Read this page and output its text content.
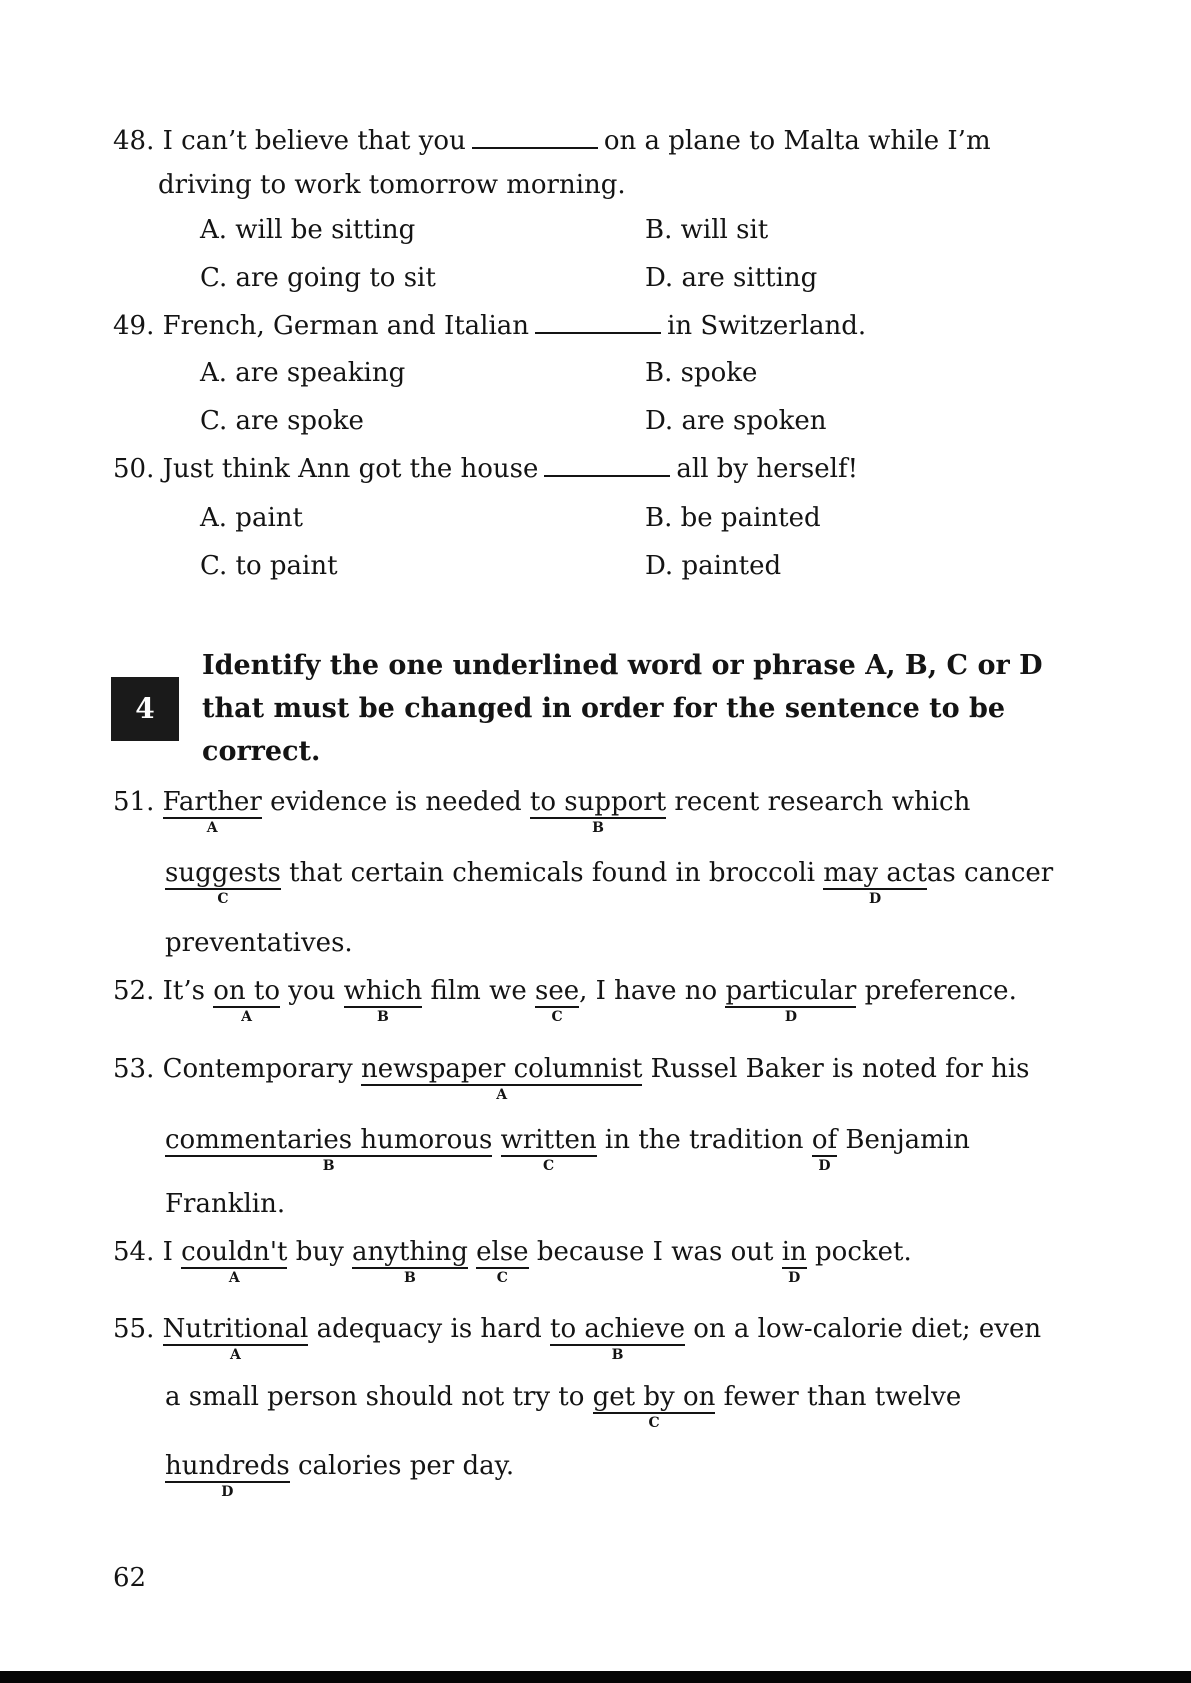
48. I can’t believe that you	on a plane to Malta while I’m
driving to work tomorrow morning.
A. will be sitting	B. will sit
C. are going to sit	D. are sitting
49. French, German and Italian	in Switzerland.
A. are speaking	B. spoke
C. are spoke	D. are spoken
50. Just think Ann got the house	all by herself!
A. paint	B. be painted
C. to paint	D. painted
4
Identify the one underlined word or phrase A, B, C or D
that must be changed in order for the sentence to be
correct.
51. Farther
A
evidence is needed to support
B
recent research which
suggests
C
that certain chemicals found in broccoli may act
D
as cancer
preventatives.
52. It’s on to
A
you which
B
film we see
C
, I have no particular
D
preference.
53. Contemporary newspaper columnist
A
Russel Baker is noted for his
commentaries humorous
B
written
C
in the tradition of
D
Benjamin
Franklin.
54. I couldn't
A
buy anything
B
else
C
because I was out in
D
pocket.
55. Nutritional
A
adequacy is hard to achieve
B
on a low-calorie diet; even
a small person should not try to get by on
C
fewer than twelve
hundreds
D
calories per day.
62
